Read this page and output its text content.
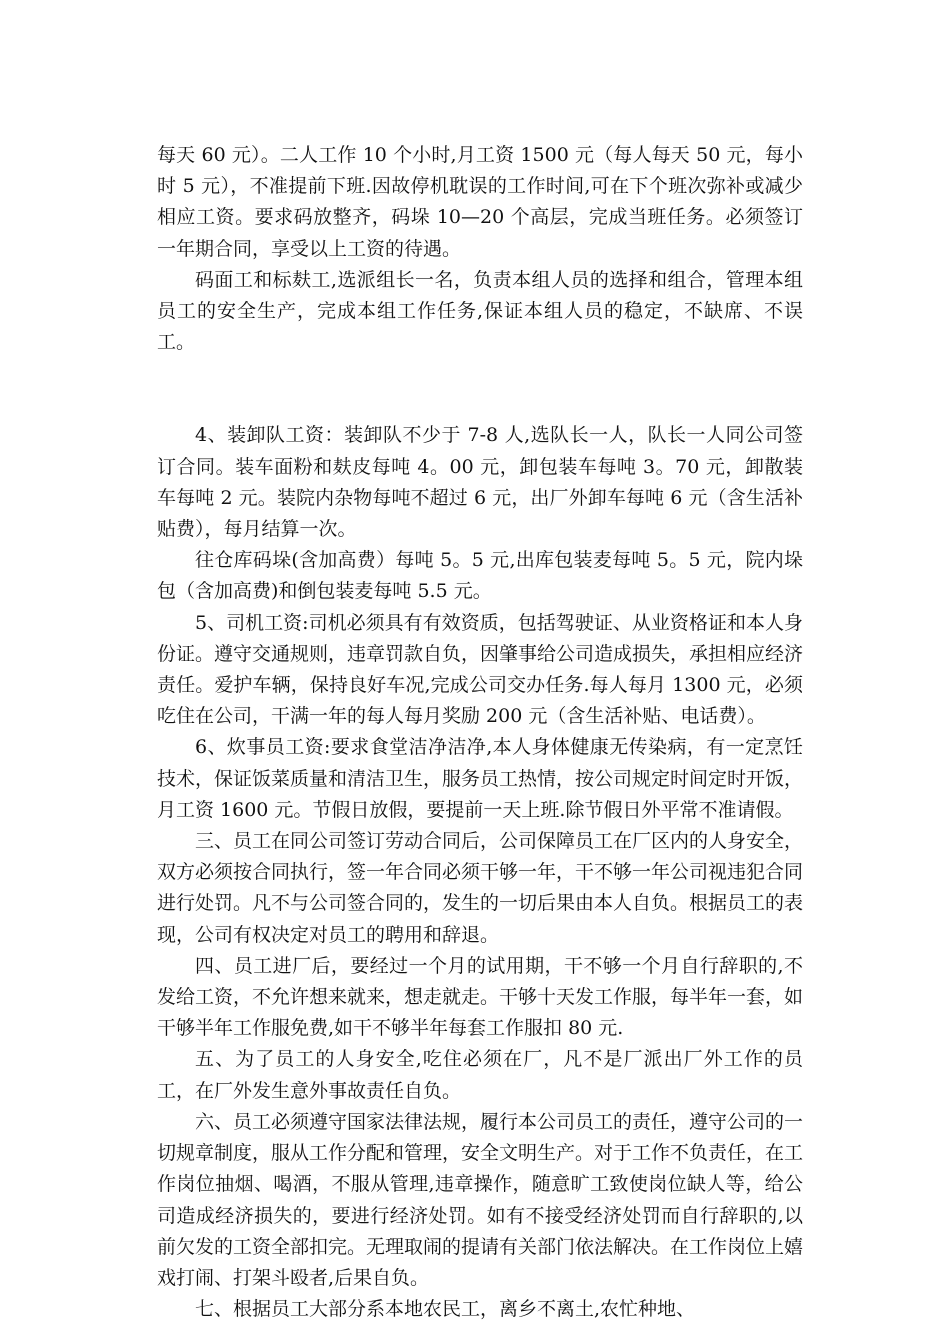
每天 60 元）。二人工作 10 个小时,月工资 1500 元（每人每天 50 元，每小时 5 元），不准提前下班.因故停机耽误的工作时间,可在下个班次弥补或减少相应工资。要求码放整齐，码垛 10—20 个高层，完成当班任务。必须签订一年期合同，享受以上工资的待遇。

码面工和标麸工,选派组长一名，负责本组人员的选择和组合，管理本组员工的安全生产，完成本组工作任务,保证本组人员的稳定，不缺席、不误工。

4、装卸队工资：装卸队不少于 7-8 人,选队长一人，队长一人同公司签订合同。装车面粉和麸皮每吨 4。00 元，卸包装车每吨 3。70 元，卸散装车每吨 2 元。装院内杂物每吨不超过 6 元，出厂外卸车每吨 6 元（含生活补贴费），每月结算一次。

往仓库码垛(含加高费）每吨 5。5 元,出库包装麦每吨 5。5 元，院内垛包（含加高费)和倒包装麦每吨 5.5 元。

5、司机工资:司机必须具有有效资质，包括驾驶证、从业资格证和本人身份证。遵守交通规则，违章罚款自负，因肇事给公司造成损失，承担相应经济责任。爱护车辆，保持良好车况,完成公司交办任务.每人每月 1300 元，必须吃住在公司，干满一年的每人每月奖励 200 元（含生活补贴、电话费）。

6、炊事员工资:要求食堂洁净洁净,本人身体健康无传染病，有一定烹饪技术，保证饭菜质量和清洁卫生，服务员工热情，按公司规定时间定时开饭，月工资 1600 元。节假日放假，要提前一天上班.除节假日外平常不准请假。

三、员工在同公司签订劳动合同后，公司保障员工在厂区内的人身安全，双方必须按合同执行，签一年合同必须干够一年，干不够一年公司视违犯合同进行处罚。凡不与公司签合同的，发生的一切后果由本人自负。根据员工的表现，公司有权决定对员工的聘用和辞退。

四、员工进厂后，要经过一个月的试用期，干不够一个月自行辞职的,不发给工资，不允许想来就来，想走就走。干够十天发工作服，每半年一套，如干够半年工作服免费,如干不够半年每套工作服扣 80 元.

五、为了员工的人身安全,吃住必须在厂，凡不是厂派出厂外工作的员工，在厂外发生意外事故责任自负。

六、员工必须遵守国家法律法规，履行本公司员工的责任，遵守公司的一切规章制度，服从工作分配和管理，安全文明生产。对于工作不负责任，在工作岗位抽烟、喝酒，不服从管理,违章操作，随意旷工致使岗位缺人等，给公司造成经济损失的，要进行经济处罚。如有不接受经济处罚而自行辞职的,以前欠发的工资全部扣完。无理取闹的提请有关部门依法解决。在工作岗位上嬉戏打闹、打架斗殴者,后果自负。

七、根据员工大部分系本地农民工，离乡不离土,农忙种地、
